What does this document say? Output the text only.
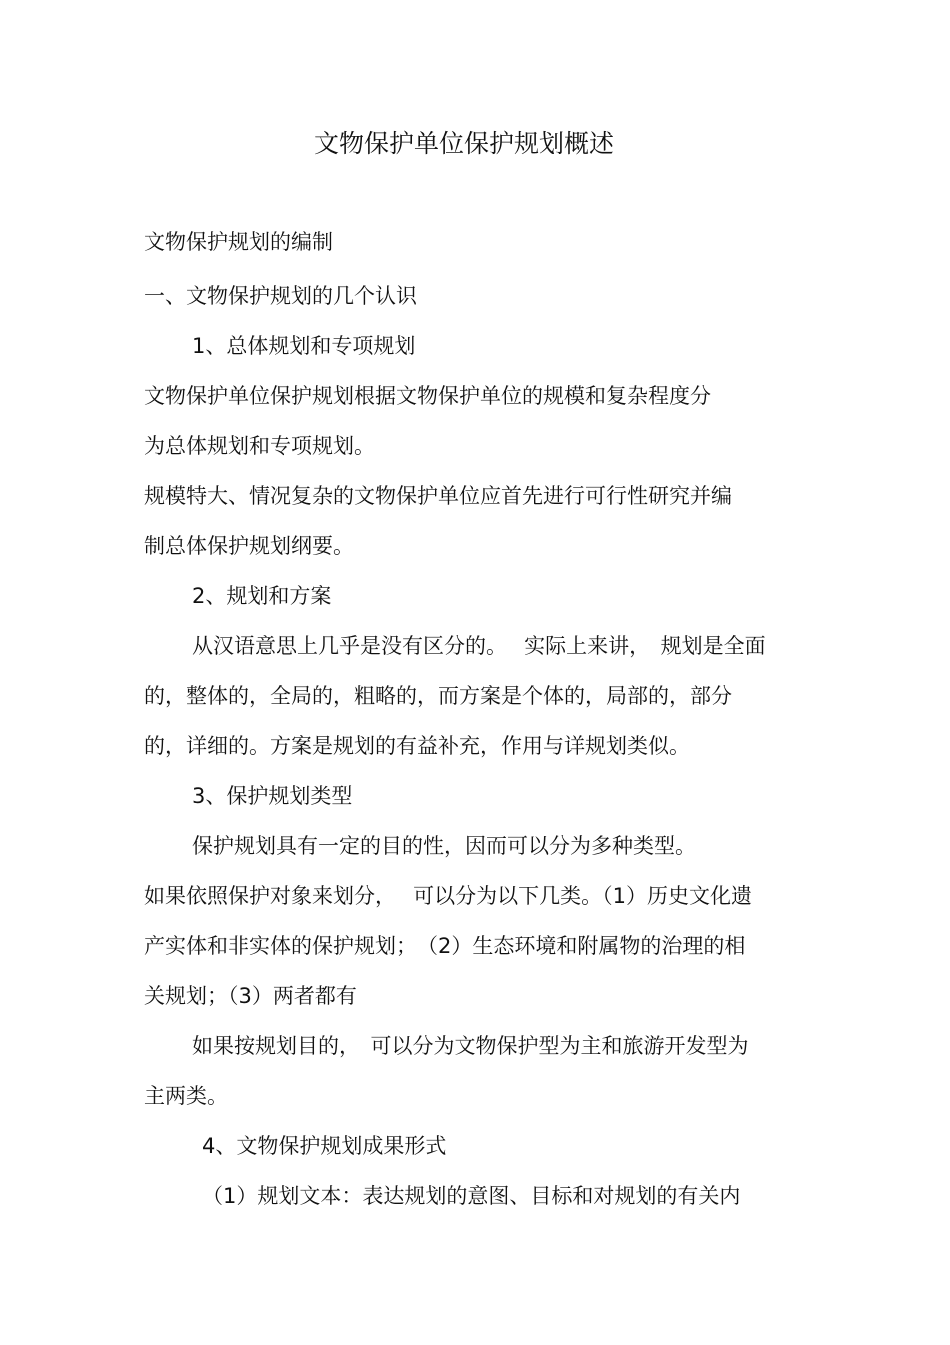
文物保护单位保护规划概述
文物保护规划的编制
一、文物保护规划的几个认识
1、总体规划和专项规划
文物保护单位保护规划根据文物保护单位的规模和复杂程度分
为总体规划和专项规划。
规模特大、情况复杂的文物保护单位应首先进行可行性研究并编
制总体保护规划纲要。
2、规划和方案
从汉语意思上几乎是没有区分的。　 实际上来讲，　规划是全面
的，整体的，全局的，粗略的，而方案是个体的，局部的，部分
的，详细的。方案是规划的有益补充，作用与详规划类似。
3、保护规划类型
保护规划具有一定的目的性，因而可以分为多种类型。
如果依照保护对象来划分，　 可以分为以下几类。（1）历史文化遗
产实体和非实体的保护规划；　（2）生态环境和附属物的治理的相
关规划；（3）两者都有
如果按规划目的，　可以分为文物保护型为主和旅游开发型为
主两类。
4、文物保护规划成果形式
（1）规划文本：表达规划的意图、目标和对规划的有关内
